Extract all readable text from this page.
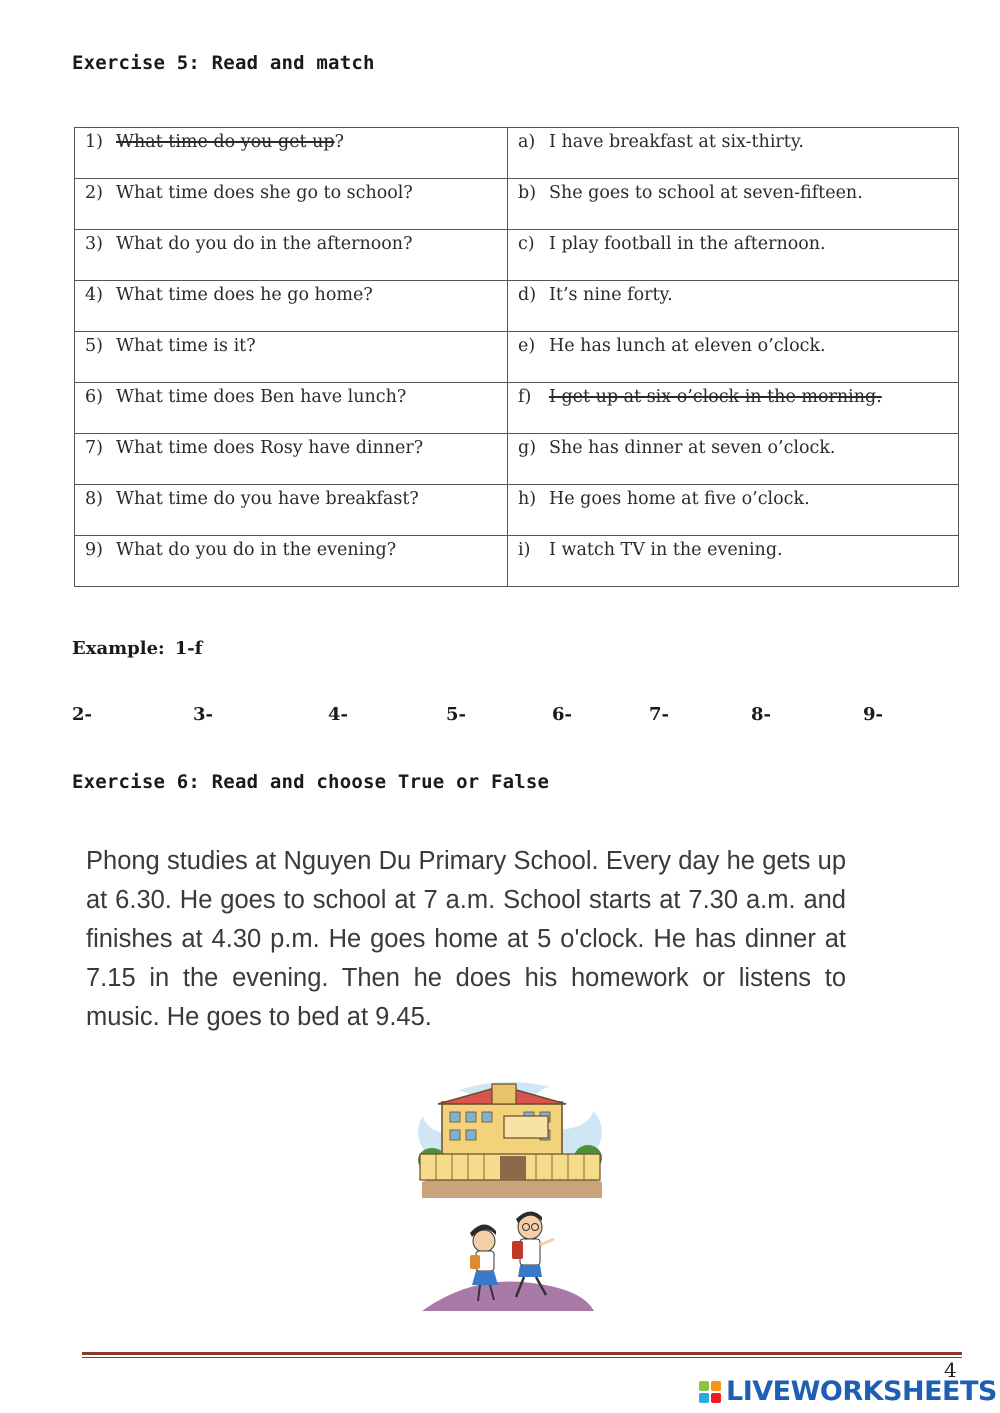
Exercise 5: Read and match
1) What time do you get up?	a) I have breakfast at six-thirty.
2) What time does she go to school?	b) She goes to school at seven-fifteen.
3) What do you do in the afternoon?	c) I play football in the afternoon.
4) What time does he go home?	d) It’s nine forty.
5) What time is it?	e) He has lunch at eleven o’clock.
6) What time does Ben have lunch?	f) I get up at six o’clock in the morning.
7) What time does Rosy have dinner?	g) She has dinner at seven o’clock.
8) What time do you have breakfast?	h) He goes home at five o’clock.
9) What do you do in the evening?	i) I watch TV in the evening.
Example: 1-f
2-	3-	4-	5-	6-	7-	8-	9-
Exercise 6: Read and choose True or False
Phong studies at Nguyen Du Primary School. Every day he gets up at 6.30. He goes to school at 7 a.m. School starts at 7.30 a.m. and finishes at 4.30 p.m. He goes home at 5 o'clock. He has dinner at 7.15 in the evening. Then he does his homework or listens to music. He goes to bed at 9.45.
4
LIVEWORKSHEETS
